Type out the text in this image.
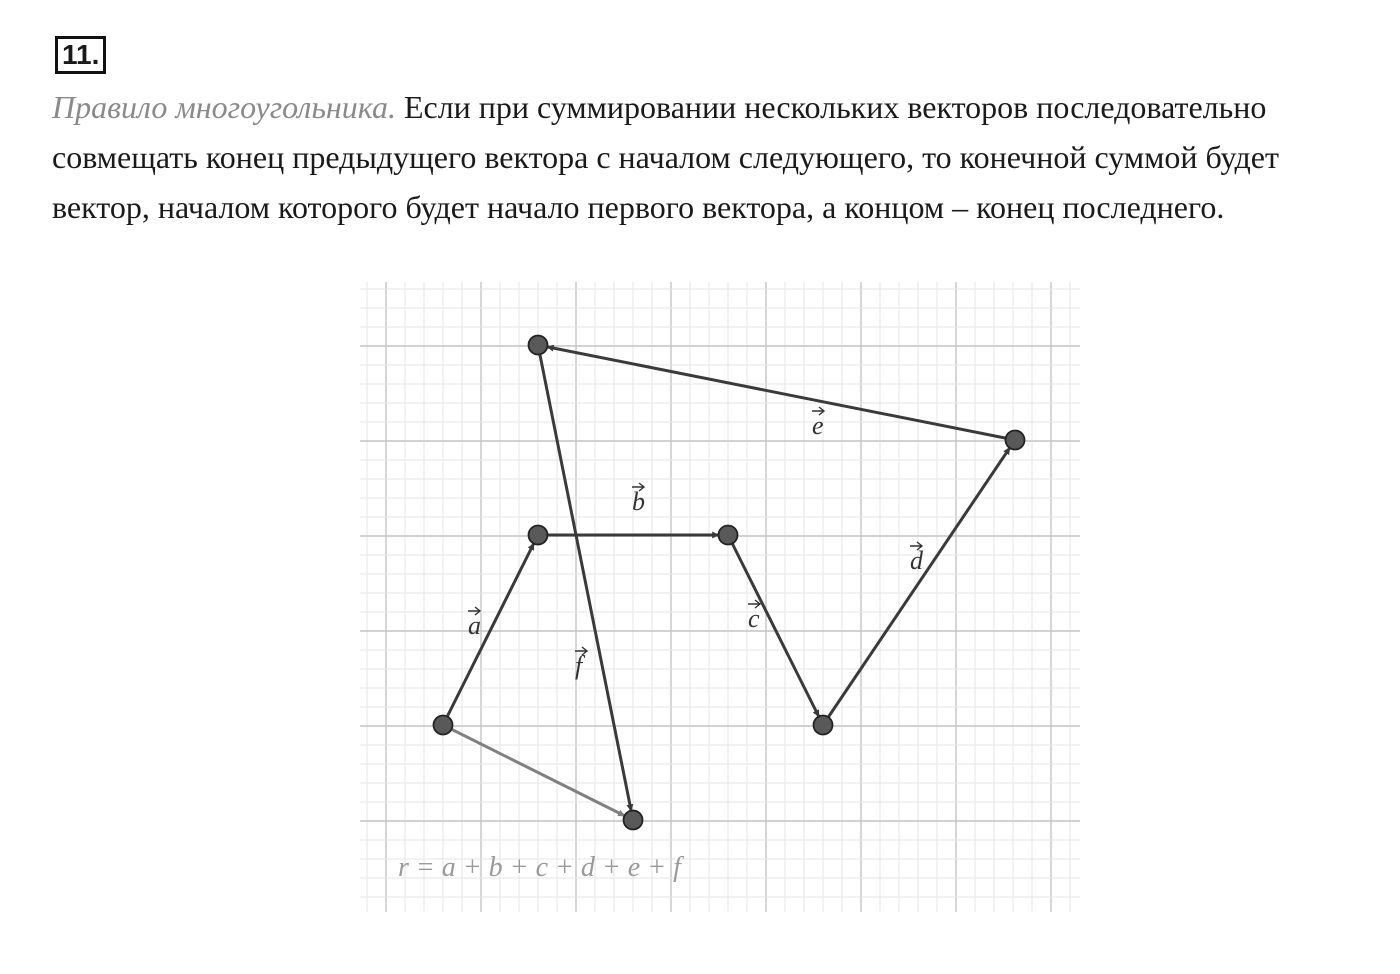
11.

Правило многоугольника. Если при суммировании нескольких векторов последовательно совмещать конец предыдущего вектора с началом следующего, то конечной суммой будет вектор, началом которого будет начало первого вектора, а концом – конец последнего.

a
b
c
d
e
f
r = a + b + c + d + e + f
